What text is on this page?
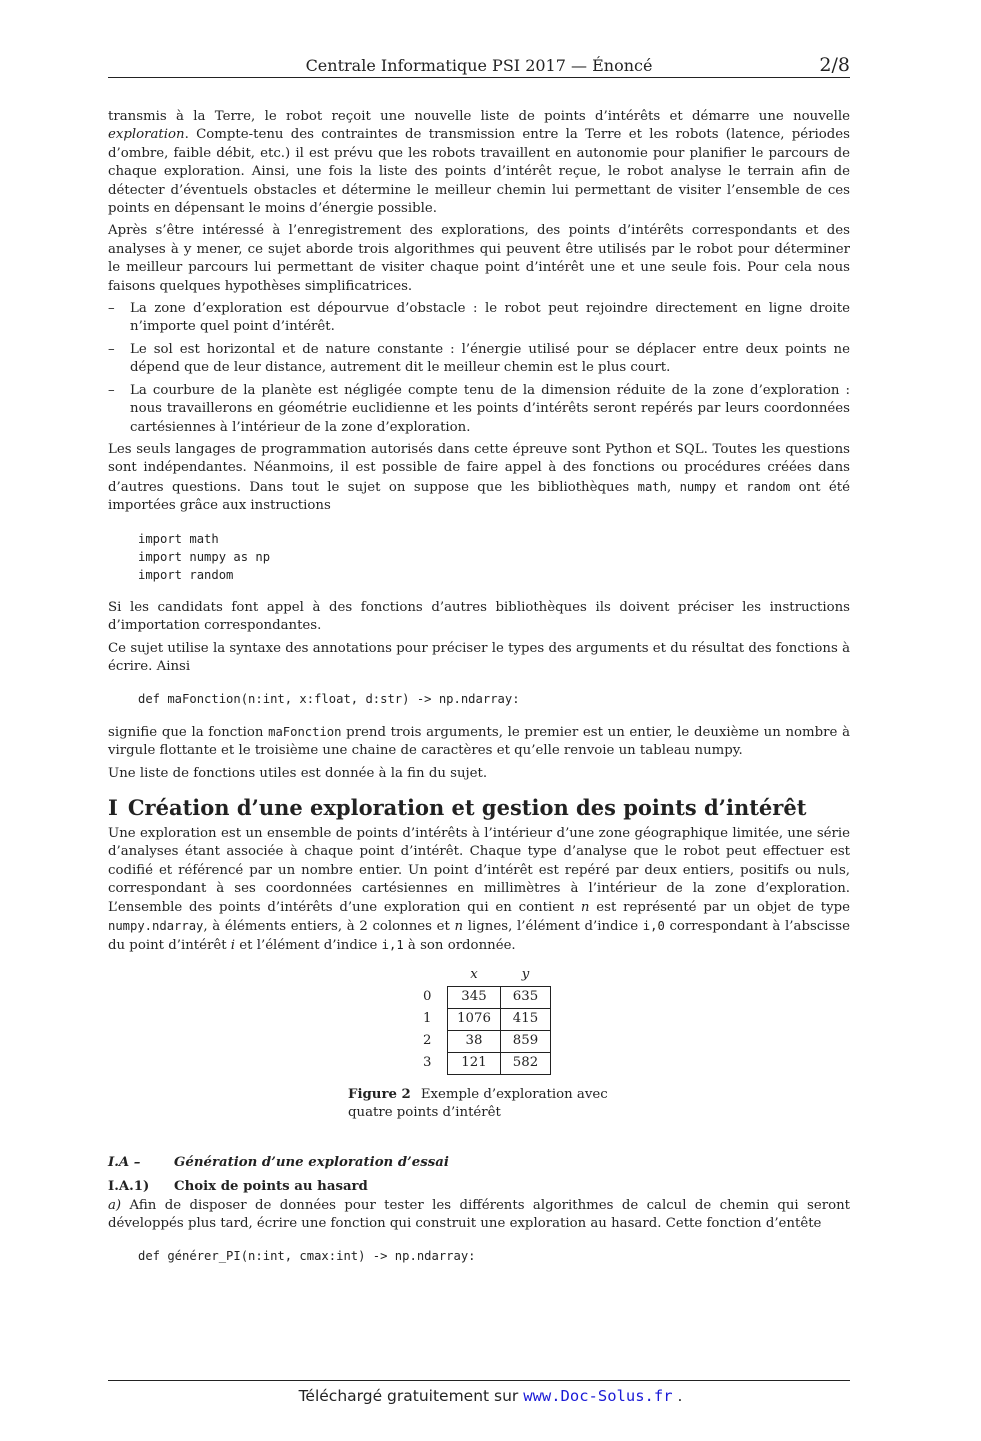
Centrale Informatique PSI 2017 — Énoncé	2/8

transmis à la Terre, le robot reçoit une nouvelle liste de points d’intérêts et démarre une nouvelle exploration. Compte-tenu des contraintes de transmission entre la Terre et les robots (latence, périodes d’ombre, faible débit, etc.) il est prévu que les robots travaillent en autonomie pour planifier le parcours de chaque exploration. Ainsi, une fois la liste des points d’intérêt reçue, le robot analyse le terrain afin de détecter d’éventuels obstacles et détermine le meilleur chemin lui permettant de visiter l’ensemble de ces points en dépensant le moins d’énergie possible.

Après s’être intéressé à l’enregistrement des explorations, des points d’intérêts correspondants et des analyses à y mener, ce sujet aborde trois algorithmes qui peuvent être utilisés par le robot pour déterminer le meilleur parcours lui permettant de visiter chaque point d’intérêt une et une seule fois. Pour cela nous faisons quelques hypothèses simplificatrices.

– La zone d’exploration est dépourvue d’obstacle : le robot peut rejoindre directement en ligne droite n’importe quel point d’intérêt.
– Le sol est horizontal et de nature constante : l’énergie utilisé pour se déplacer entre deux points ne dépend que de leur distance, autrement dit le meilleur chemin est le plus court.
– La courbure de la planète est négligée compte tenu de la dimension réduite de la zone d’exploration : nous travaillerons en géométrie euclidienne et les points d’intérêts seront repérés par leurs coordonnées cartésiennes à l’intérieur de la zone d’exploration.

Les seuls langages de programmation autorisés dans cette épreuve sont Python et SQL. Toutes les questions sont indépendantes. Néanmoins, il est possible de faire appel à des fonctions ou procédures créées dans d’autres questions. Dans tout le sujet on suppose que les bibliothèques math, numpy et random ont été importées grâce aux instructions

import math
import numpy as np
import random

Si les candidats font appel à des fonctions d’autres bibliothèques ils doivent préciser les instructions d’importation correspondantes.

Ce sujet utilise la syntaxe des annotations pour préciser le types des arguments et du résultat des fonctions à écrire. Ainsi

def maFonction(n:int, x:float, d:str) -> np.ndarray:

signifie que la fonction maFonction prend trois arguments, le premier est un entier, le deuxième un nombre à virgule flottante et le troisième une chaine de caractères et qu’elle renvoie un tableau numpy.

Une liste de fonctions utiles est donnée à la fin du sujet.

I Création d’une exploration et gestion des points d’intérêt

Une exploration est un ensemble de points d’intérêts à l’intérieur d’une zone géographique limitée, une série d’analyses étant associée à chaque point d’intérêt. Chaque type d’analyse que le robot peut effectuer est codifié et référencé par un nombre entier. Un point d’intérêt est repéré par deux entiers, positifs ou nuls, correspondant à ses coordonnées cartésiennes en millimètres à l’intérieur de la zone d’exploration. L’ensemble des points d’intérêts d’une exploration qui en contient n est représenté par un objet de type numpy.ndarray, à éléments entiers, à 2 colonnes et n lignes, l’élément d’indice i,0 correspondant à l’abscisse du point d’intérêt i et l’élément d’indice i,1 à son ordonnée.

	x	y
0	345	635
1	1076	415
2	38	859
3	121	582
Figure 2 Exemple d’exploration avec quatre points d’intérêt
I.A –	Génération d’une exploration d’essai
I.A.1) Choix de points au hasard

a) Afin de disposer de données pour tester les différents algorithmes de calcul de chemin qui seront développés plus tard, écrire une fonction qui construit une exploration au hasard. Cette fonction d’entête

def générer_PI(n:int, cmax:int) -> np.ndarray:
Téléchargé gratuitement sur www.Doc-Solus.fr .
